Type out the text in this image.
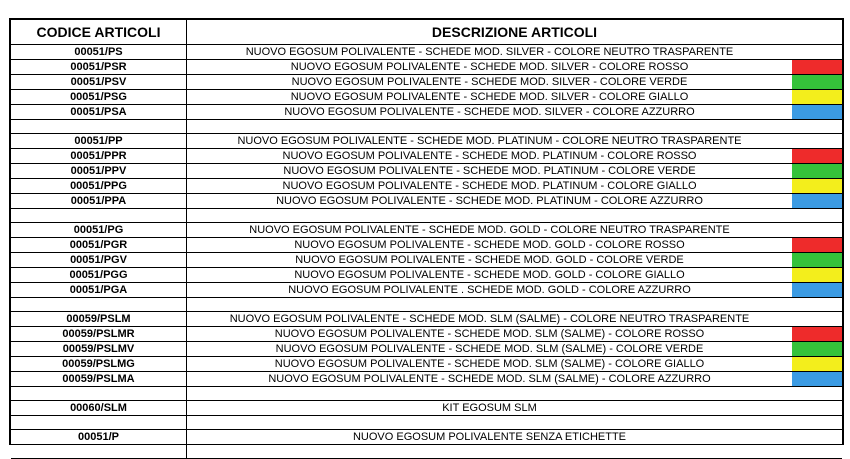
CODICE ARTICOLI	DESCRIZIONE ARTICOLI
00051/PS	NUOVO EGOSUM POLIVALENTE - SCHEDE MOD. SILVER - COLORE NEUTRO TRASPARENTE
00051/PSR	NUOVO EGOSUM POLIVALENTE - SCHEDE MOD. SILVER - COLORE ROSSO
00051/PSV	NUOVO EGOSUM POLIVALENTE - SCHEDE MOD. SILVER - COLORE VERDE
00051/PSG	NUOVO EGOSUM POLIVALENTE - SCHEDE MOD. SILVER - COLORE GIALLO
00051/PSA	NUOVO EGOSUM POLIVALENTE - SCHEDE MOD. SILVER - COLORE AZZURRO
00051/PP	NUOVO EGOSUM POLIVALENTE - SCHEDE MOD. PLATINUM - COLORE NEUTRO TRASPARENTE
00051/PPR	NUOVO EGOSUM POLIVALENTE - SCHEDE MOD. PLATINUM - COLORE ROSSO
00051/PPV	NUOVO EGOSUM POLIVALENTE - SCHEDE MOD. PLATINUM - COLORE VERDE
00051/PPG	NUOVO EGOSUM POLIVALENTE - SCHEDE MOD. PLATINUM - COLORE GIALLO
00051/PPA	NUOVO EGOSUM POLIVALENTE - SCHEDE MOD. PLATINUM - COLORE AZZURRO
00051/PG	NUOVO EGOSUM POLIVALENTE - SCHEDE MOD. GOLD - COLORE NEUTRO TRASPARENTE
00051/PGR	NUOVO EGOSUM POLIVALENTE - SCHEDE MOD. GOLD - COLORE ROSSO
00051/PGV	NUOVO EGOSUM POLIVALENTE - SCHEDE MOD. GOLD - COLORE VERDE
00051/PGG	NUOVO EGOSUM POLIVALENTE - SCHEDE MOD. GOLD - COLORE GIALLO
00051/PGA	NUOVO EGOSUM POLIVALENTE . SCHEDE MOD. GOLD - COLORE AZZURRO
00059/PSLM	NUOVO EGOSUM POLIVALENTE - SCHEDE MOD. SLM (SALME) - COLORE NEUTRO TRASPARENTE
00059/PSLMR	NUOVO EGOSUM POLIVALENTE - SCHEDE MOD. SLM (SALME) - COLORE ROSSO
00059/PSLMV	NUOVO EGOSUM POLIVALENTE - SCHEDE MOD. SLM (SALME) - COLORE VERDE
00059/PSLMG	NUOVO EGOSUM POLIVALENTE - SCHEDE MOD. SLM (SALME) - COLORE GIALLO
00059/PSLMA	NUOVO EGOSUM POLIVALENTE - SCHEDE MOD. SLM (SALME) - COLORE AZZURRO
00060/SLM	KIT EGOSUM SLM
00051/P	NUOVO EGOSUM POLIVALENTE SENZA ETICHETTE
